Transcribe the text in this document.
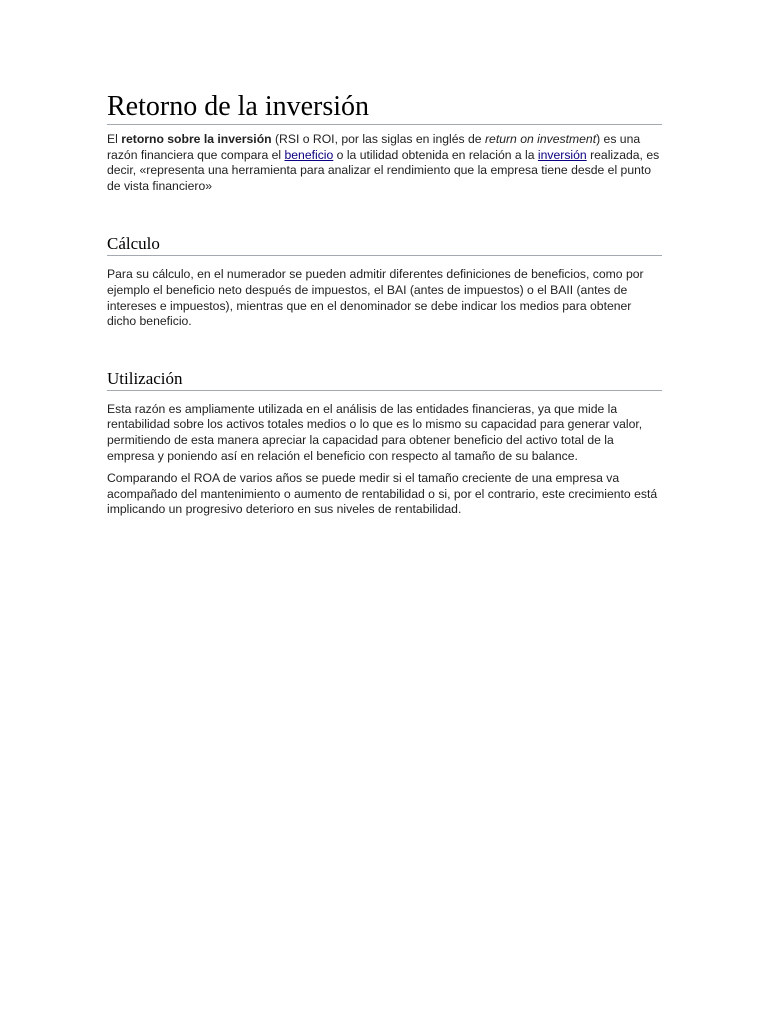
Retorno de la inversión

El retorno sobre la inversión (RSI o ROI, por las siglas en inglés de return on investment) es una razón financiera que compara el beneficio o la utilidad obtenida en relación a la inversión realizada, es decir, «representa una herramienta para analizar el rendimiento que la empresa tiene desde el punto de vista financiero»

Cálculo

Para su cálculo, en el numerador se pueden admitir diferentes definiciones de beneficios, como por ejemplo el beneficio neto después de impuestos, el BAI (antes de impuestos) o el BAII (antes de intereses e impuestos), mientras que en el denominador se debe indicar los medios para obtener dicho beneficio.

Utilización

Esta razón es ampliamente utilizada en el análisis de las entidades financieras, ya que mide la rentabilidad sobre los activos totales medios o lo que es lo mismo su capacidad para generar valor, permitiendo de esta manera apreciar la capacidad para obtener beneficio del activo total de la empresa y poniendo así en relación el beneficio con respecto al tamaño de su balance.

Comparando el ROA de varios años se puede medir si el tamaño creciente de una empresa va acompañado del mantenimiento o aumento de rentabilidad o si, por el contrario, este crecimiento está implicando un progresivo deterioro en sus niveles de rentabilidad.
